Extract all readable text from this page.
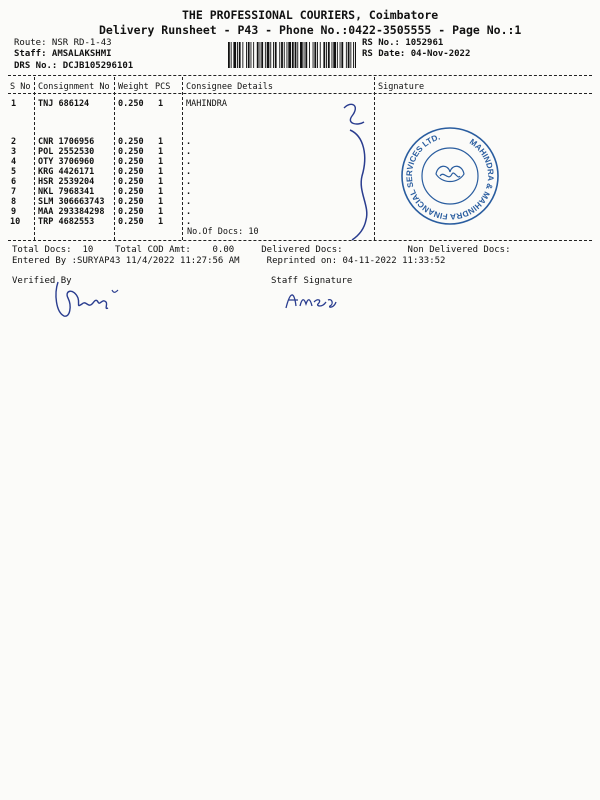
THE PROFESSIONAL COURIERS, Coimbatore
Delivery Runsheet - P43 - Phone No.:0422-3505555 - Page No.:1
Route: NSR RD-1-43
Staff: AMSALAKSHMI
DRS No.: DCJB105296101
RS No.: 1052961
RS Date: 04-Nov-2022
S No Consignment No Weight PCS Consignee Details	Signature
1	TNJ 686124	0.250 1	MAHINDRA
2	CNR 1706956	0.250 1	.
3	POL 2552530	0.250 1	.
4	OTY 3706960	0.250 1	.
5	KRG 4426171	0.250 1	.
6	HSR 2539204	0.250 1	.
7	NKL 7968341	0.250 1	.
8	SLM 306663743 0.250 1	.
9	MAA 293384298 0.250 1	.
10 TRP 4682553	0.250 1	.
No.Of Docs: 10
MAHINDRA & MAHINDRA FINANCIAL SERVICES LTD.
Total Docs:  10    Total COD Amt:    0.00     Delivered Docs:            Non Delivered Docs:
Entered By :SURYAP43 11/4/2022 11:27:56 AM     Reprinted on: 04-11-2022 11:33:52
Verified By	Staff Signature
